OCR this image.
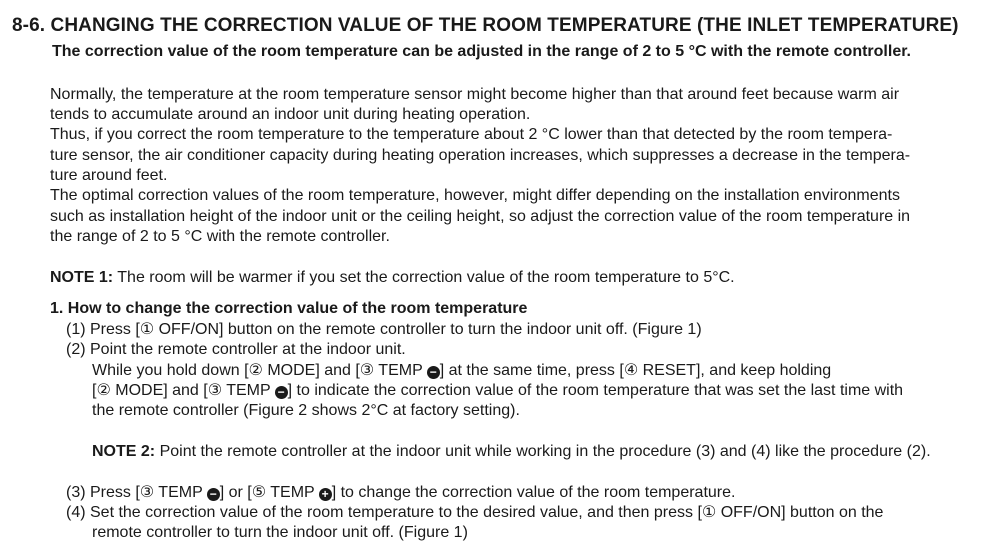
8-6. CHANGING THE CORRECTION VALUE OF THE ROOM TEMPERATURE (THE INLET TEMPERATURE)
The correction value of the room temperature can be adjusted in the range of 2 to 5 °C with the remote controller.
Normally, the temperature at the room temperature sensor might become higher than that around feet because warm air
tends to accumulate around an indoor unit during heating operation.
Thus, if you correct the room temperature to the temperature about 2 °C lower than that detected by the room tempera-
ture sensor, the air conditioner capacity during heating operation increases, which suppresses a decrease in the tempera-
ture around feet.
The optimal correction values of the room temperature, however, might differ depending on the installation environments
such as installation height of the indoor unit or the ceiling height, so adjust the correction value of the room temperature in
the range of 2 to 5 °C with the remote controller.
NOTE 1: The room will be warmer if you set the correction value of the room temperature to 5°C.
1. How to change the correction value of the room temperature
(1) Press [① OFF/ON] button on the remote controller to turn the indoor unit off. (Figure 1)
(2) Point the remote controller at the indoor unit.
While you hold down [② MODE] and [③ TEMP − ] at the same time, press [④ RESET], and keep holding
[② MODE] and [③ TEMP − ] to indicate the correction value of the room temperature that was set the last time with
the remote controller (Figure 2 shows 2°C at factory setting).
NOTE 2: Point the remote controller at the indoor unit while working in the procedure (3) and (4) like the procedure (2).
(3) Press [③ TEMP − ] or [⑤ TEMP + ] to change the correction value of the room temperature.
(4) Set the correction value of the room temperature to the desired value, and then press [① OFF/ON] button on the
remote controller to turn the indoor unit off. (Figure 1)
